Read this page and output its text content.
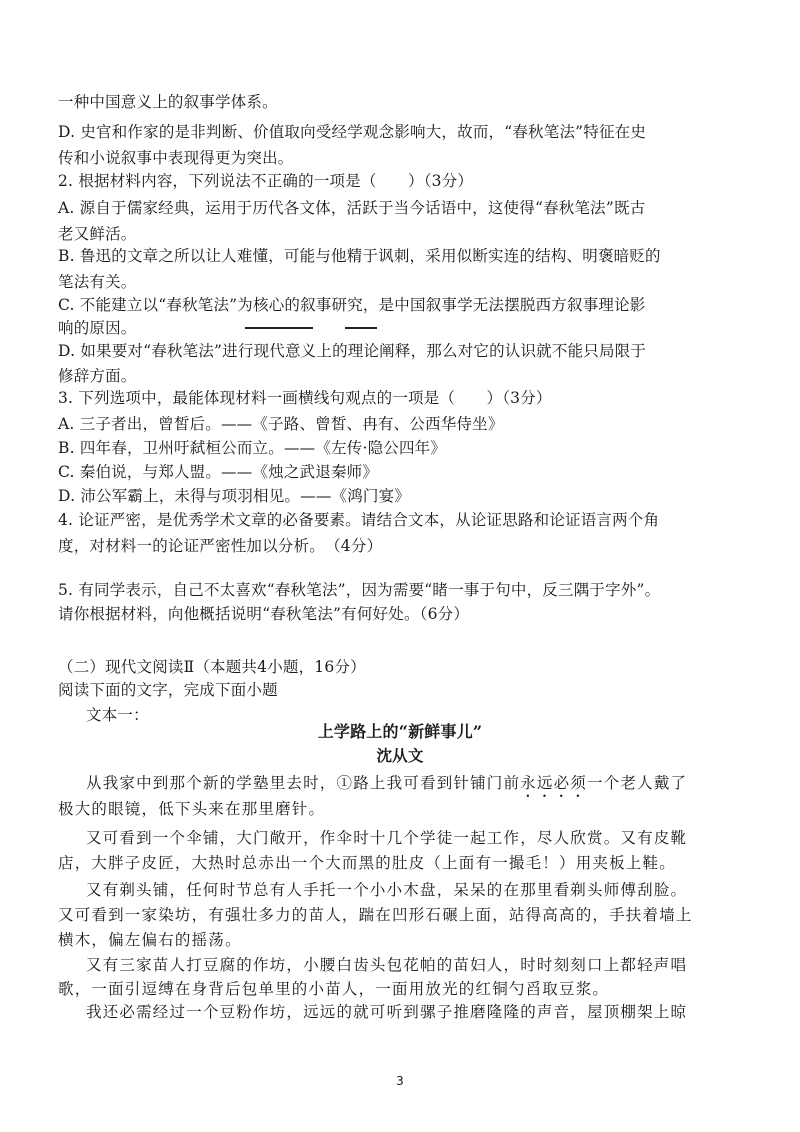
一种中国意义上的叙事学体系。
D. 史官和作家的是非判断、价值取向受经学观念影响大，故而，“春秋笔法”特征在史
传和小说叙事中表现得更为突出。
2. 根据材料内容，下列说法不正确的一项是（　　）（3分）
A. 源自于儒家经典，运用于历代各文体，活跃于当今话语中，这使得“春秋笔法”既古
老又鲜活。
B. 鲁迅的文章之所以让人难懂，可能与他精于讽刺，采用似断实连的结构、明褒暗贬的
笔法有关。
C. 不能建立以“春秋笔法”为核心的叙事研究，是中国叙事学无法摆脱西方叙事理论影
响的原因。
D. 如果要对“春秋笔法”进行现代意义上的理论阐释，那么对它的认识就不能只局限于
修辞方面。
3. 下列选项中，最能体现材料一画横线句观点的一项是（　　）（3分）
A. 三子者出，曾皙后。——《子路、曾皙、冉有、公西华侍坐》
B. 四年春，卫州吁弑桓公而立。——《左传·隐公四年》
C. 秦伯说，与郑人盟。——《烛之武退秦师》
D. 沛公军霸上，未得与项羽相见。——《鸿门宴》
4. 论证严密，是优秀学术文章的必备要素。请结合文本，从论证思路和论证语言两个角
度，对材料一的论证严密性加以分析。　（4分）
5. 有同学表示，自己不太喜欢“春秋笔法”，因为需要“睹一事于句中，反三隅于字外”。
请你根据材料，向他概括说明“春秋笔法”有何好处。（6分）
（二）现代文阅读Ⅱ（本题共4小题，16分）
阅读下面的文字，完成下面小题
文本一：
上学路上的“新鲜事儿”
沈从文
从我家中到那个新的学塾里去时，①路上我可看到针铺门前永远必须一个老人戴了
极大的眼镜，低下头来在那里磨针。
又可看到一个伞铺，大门敞开，作伞时十几个学徒一起工作，尽人欣赏。又有皮靴
店，大胖子皮匠，大热时总赤出一个大而黑的肚皮（上面有一撮毛！）用夹板上鞋。
又有剃头铺，任何时节总有人手托一个小小木盘，呆呆的在那里看剃头师傅刮脸。
又可看到一家染坊，有强壮多力的苗人，踹在凹形石碾上面，站得高高的，手扶着墙上
横木，偏左偏右的摇荡。
又有三家苗人打豆腐的作坊，小腰白齿头包花帕的苗妇人，时时刻刻口上都轻声唱
歌，一面引逗缚在身背后包单里的小苗人，一面用放光的红铜勺舀取豆浆。
我还必需经过一个豆粉作坊，远远的就可听到骡子推磨隆隆的声音，屋顶棚架上晾
3
